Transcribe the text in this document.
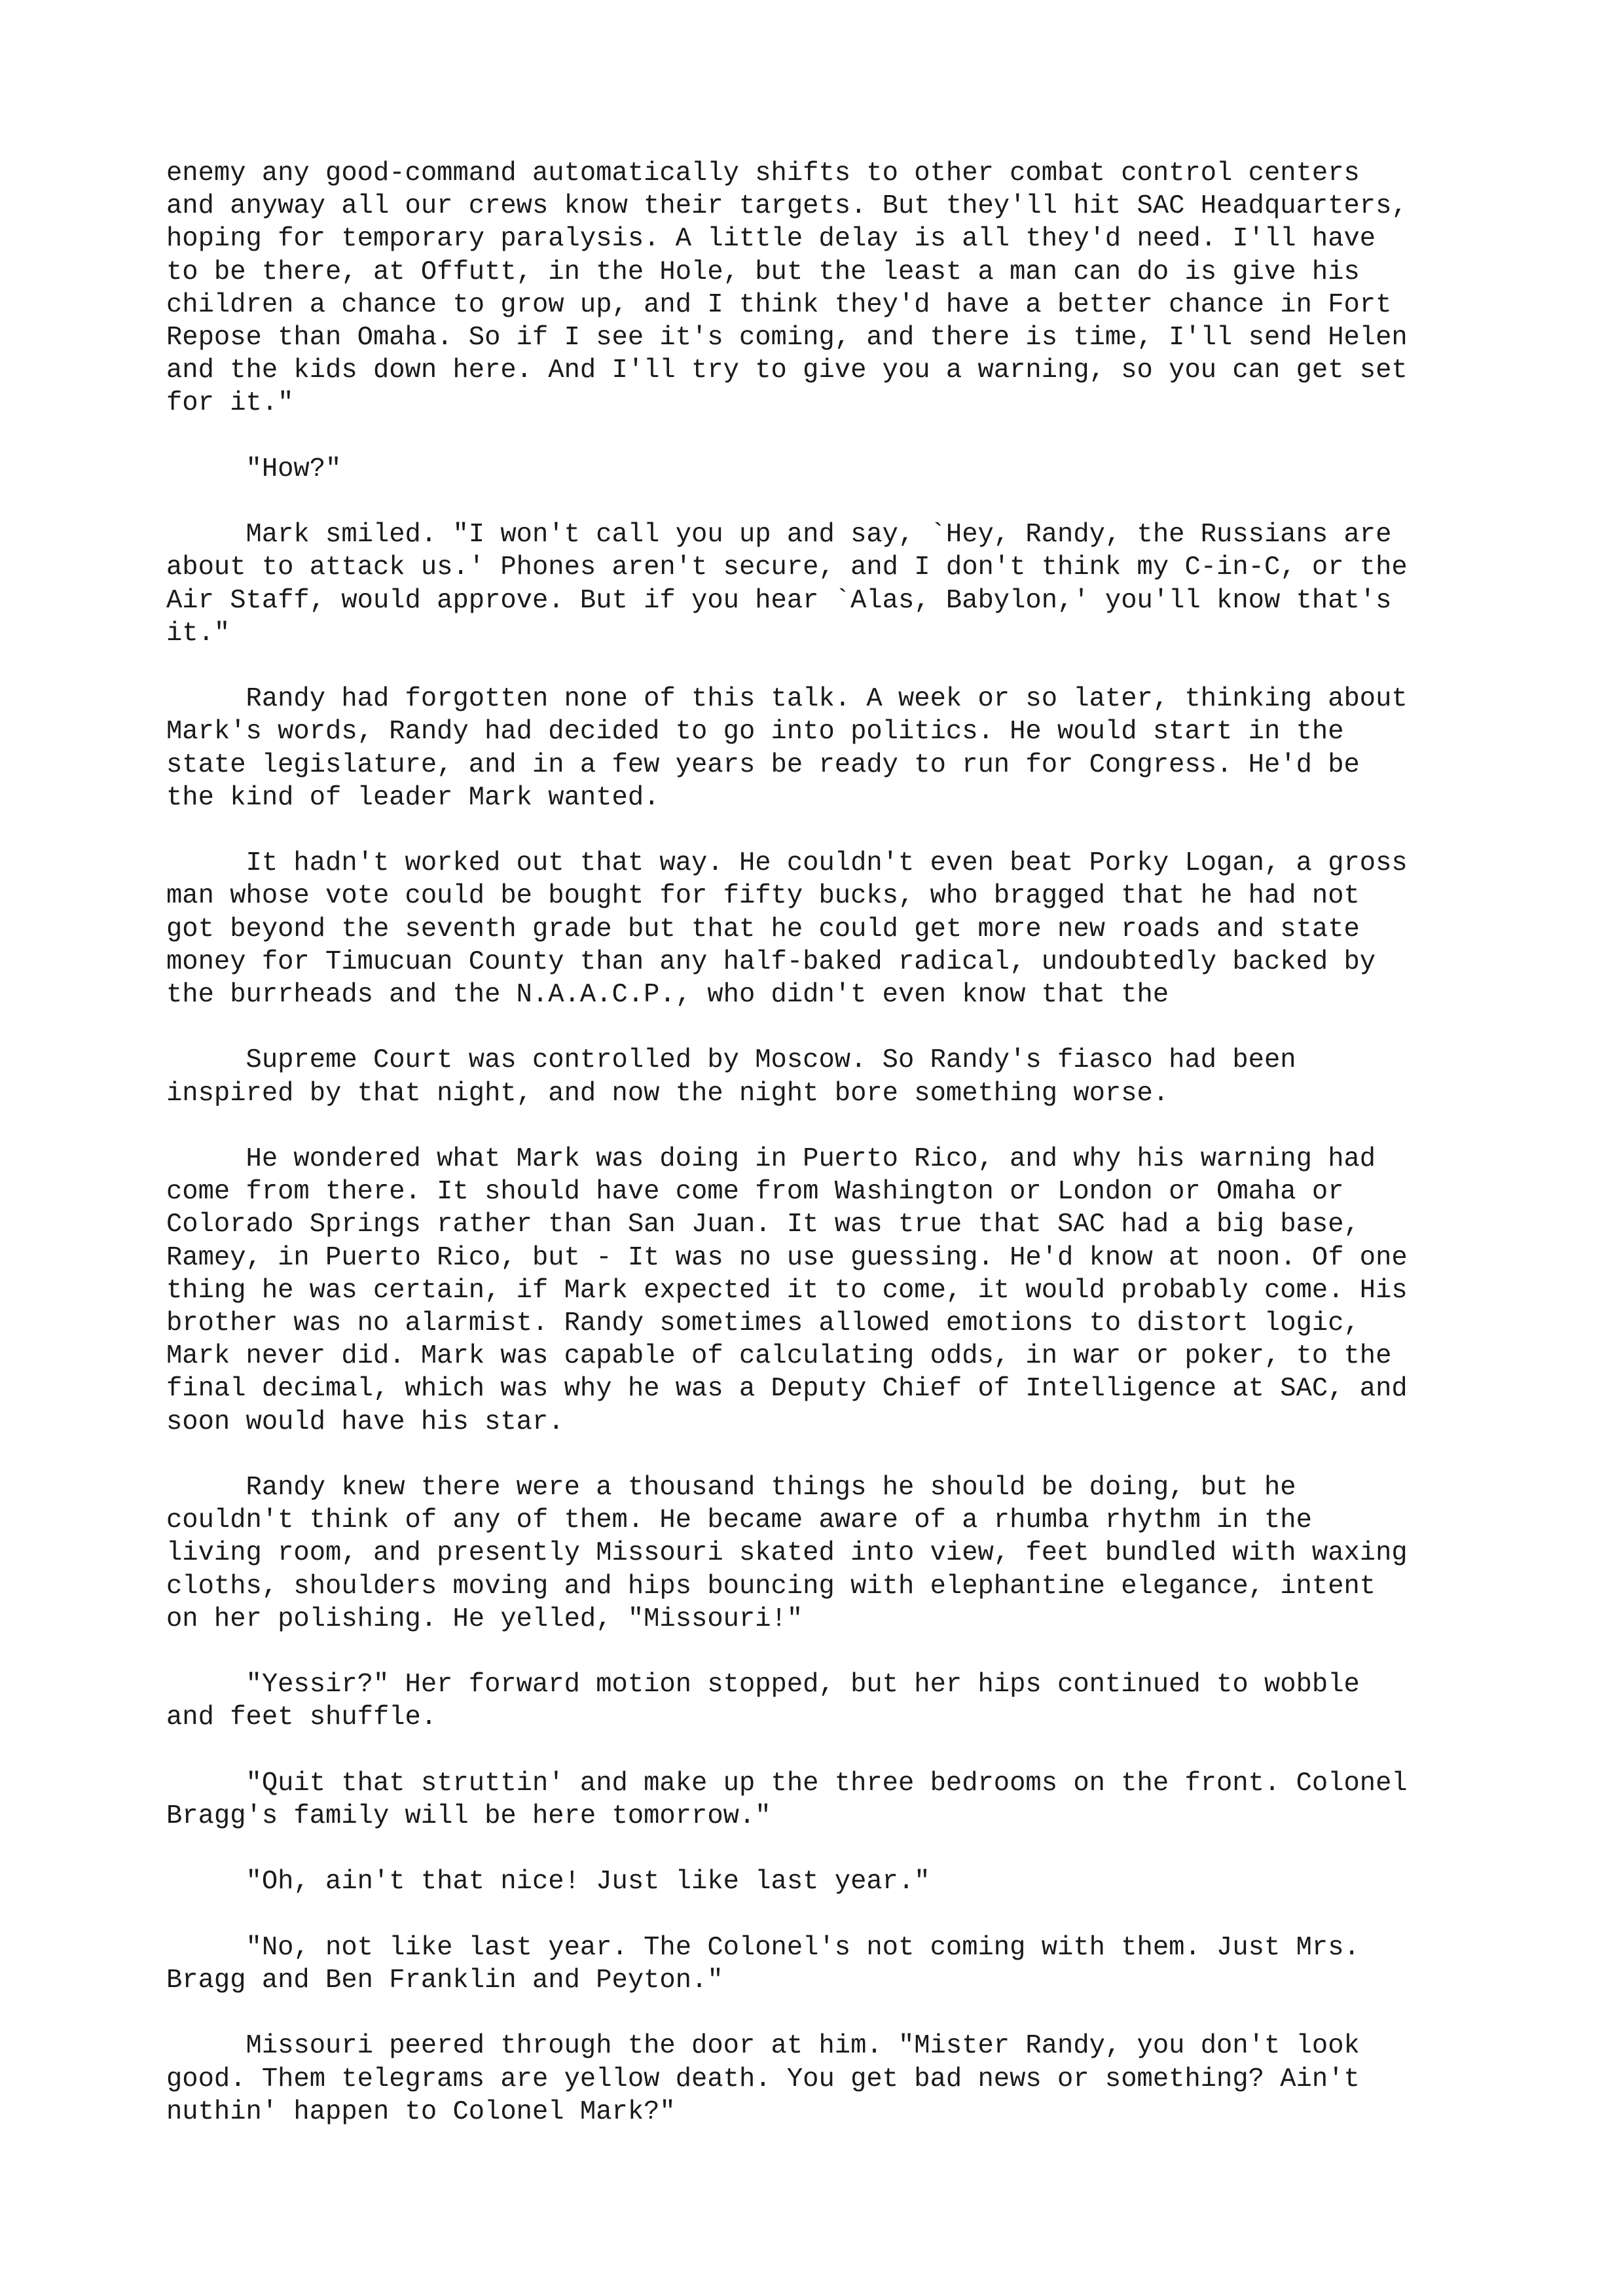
enemy any good-command automatically shifts to other combat control centers
and anyway all our crews know their targets. But they'll hit SAC Headquarters,
hoping for temporary paralysis. A little delay is all they'd need. I'll have
to be there, at Offutt, in the Hole, but the least a man can do is give his
children a chance to grow up, and I think they'd have a better chance in Fort
Repose than Omaha. So if I see it's coming, and there is time, I'll send Helen
and the kids down here. And I'll try to give you a warning, so you can get set
for it."

"How?"

Mark smiled. "I won't call you up and say, `Hey, Randy, the Russians are
about to attack us.' Phones aren't secure, and I don't think my C-in-C, or the
Air Staff, would approve. But if you hear `Alas, Babylon,' you'll know that's
it."

Randy had forgotten none of this talk. A week or so later, thinking about
Mark's words, Randy had decided to go into politics. He would start in the
state legislature, and in a few years be ready to run for Congress. He'd be
the kind of leader Mark wanted.

It hadn't worked out that way. He couldn't even beat Porky Logan, a gross
man whose vote could be bought for fifty bucks, who bragged that he had not
got beyond the seventh grade but that he could get more new roads and state
money for Timucuan County than any half-baked radical, undoubtedly backed by
the burrheads and the N.A.A.C.P., who didn't even know that the

Supreme Court was controlled by Moscow. So Randy's fiasco had been
inspired by that night, and now the night bore something worse.

He wondered what Mark was doing in Puerto Rico, and why his warning had
come from there. It should have come from Washington or London or Omaha or
Colorado Springs rather than San Juan. It was true that SAC had a big base,
Ramey, in Puerto Rico, but - It was no use guessing. He'd know at noon. Of one
thing he was certain, if Mark expected it to come, it would probably come. His
brother was no alarmist. Randy sometimes allowed emotions to distort logic,
Mark never did. Mark was capable of calculating odds, in war or poker, to the
final decimal, which was why he was a Deputy Chief of Intelligence at SAC, and
soon would have his star.

Randy knew there were a thousand things he should be doing, but he
couldn't think of any of them. He became aware of a rhumba rhythm in the
living room, and presently Missouri skated into view, feet bundled with waxing
cloths, shoulders moving and hips bouncing with elephantine elegance, intent
on her polishing. He yelled, "Missouri!"

"Yessir?" Her forward motion stopped, but her hips continued to wobble
and feet shuffle.

"Quit that struttin' and make up the three bedrooms on the front. Colonel
Bragg's family will be here tomorrow."

"Oh, ain't that nice! Just like last year."

"No, not like last year. The Colonel's not coming with them. Just Mrs.
Bragg and Ben Franklin and Peyton."

Missouri peered through the door at him. "Mister Randy, you don't look
good. Them telegrams are yellow death. You get bad news or something? Ain't
nuthin' happen to Colonel Mark?"
